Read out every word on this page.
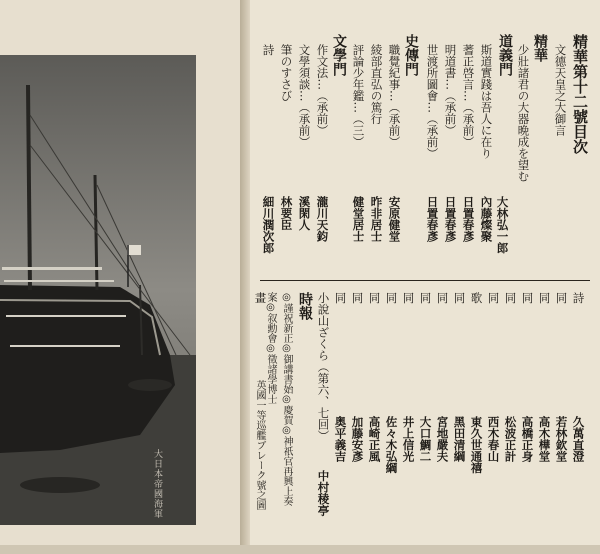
大日本帝國海軍
精華第十二號目次
文德天皇之大御言
精華
少壯諸君の大器晩成を望む
大林弘一郎
道義門
斯道實踐は吾人に在り
內藤燦聚
蓍正啓言…（承前）
日置春彥
明道書…（承前）
日置春彥
世渡所圖會…（承前）
日置春彥
史傳門
職覺紀事…（承前）
安原健堂
綾部直弘の篤行
昨非居士
評論少年鑑…（三）
健堂居士
文學門
作文法…（承前）
瀧川天鈞
文學須談…（承前）
溪閑人
筆のすさび
林要臣
詩
細川潤次郎
詩
久萬直澄
同
若林欽堂
同
高木樺堂
同
高橋正身
同
松波正計
同
西木春山
歌
東久世通禧
同
黑田清綱
同
宮地嚴夫
同
大口鯛二
同
井上信光
同
佐々木弘綱
同
高崎正風
同
加藤安彥
同
奥平義吉
小說山ざくら（第六、七回）
中村稜亭
時報
◎謹祝新正◎御講書始◎慶賀◎神祇官再興上奏
案◎叙勳會◎徵諸學博士
畫
英國一等巡艦ブレーク號之圖
